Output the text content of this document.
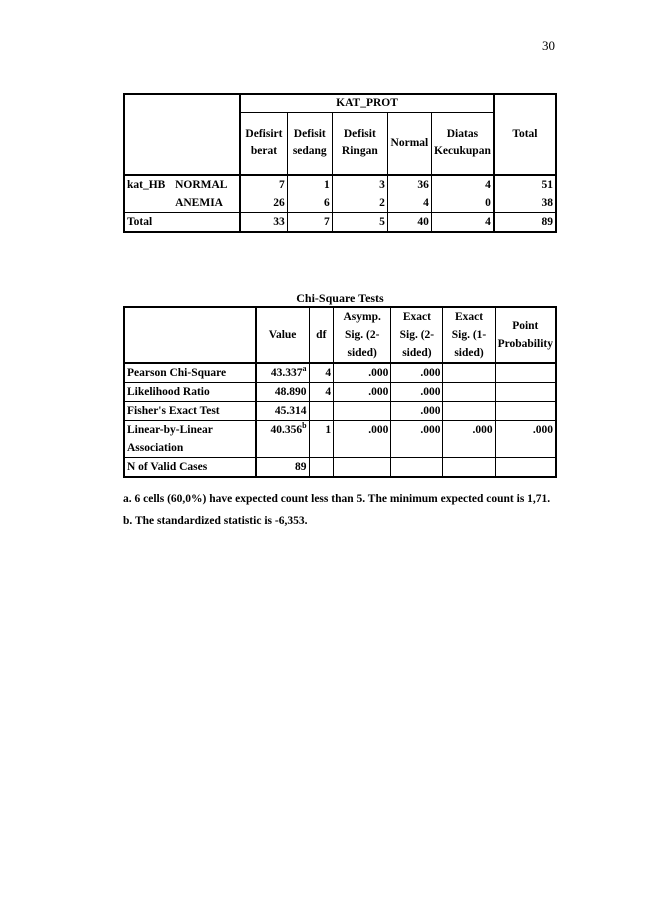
30
		KAT_PROT					Total
		Defisirt berat	Defisit sedang	Defisit Ringan	Normal	Diatas Kecukupan	
kat_HB	NORMAL	7	1	3	36	4	51
	ANEMIA	26	6	2	4	0	38
Total		33	7	5	40	4	89
Chi-Square Tests
	Value	df	Asymp. Sig. (2-sided)	Exact Sig. (2-sided)	Exact Sig. (1-sided)	Point Probability
Pearson Chi-Square	43.337$^a$	4	.000	.000		
Likelihood Ratio	48.890	4	.000	.000		
Fisher's Exact Test	45.314			.000		
Linear-by-Linear Association	40.356$^b$	1	.000	.000	.000	.000
N of Valid Cases	89					

a. 6 cells (60,0%) have expected count less than 5. The minimum expected count is 1,71.

b. The standardized statistic is -6,353.
